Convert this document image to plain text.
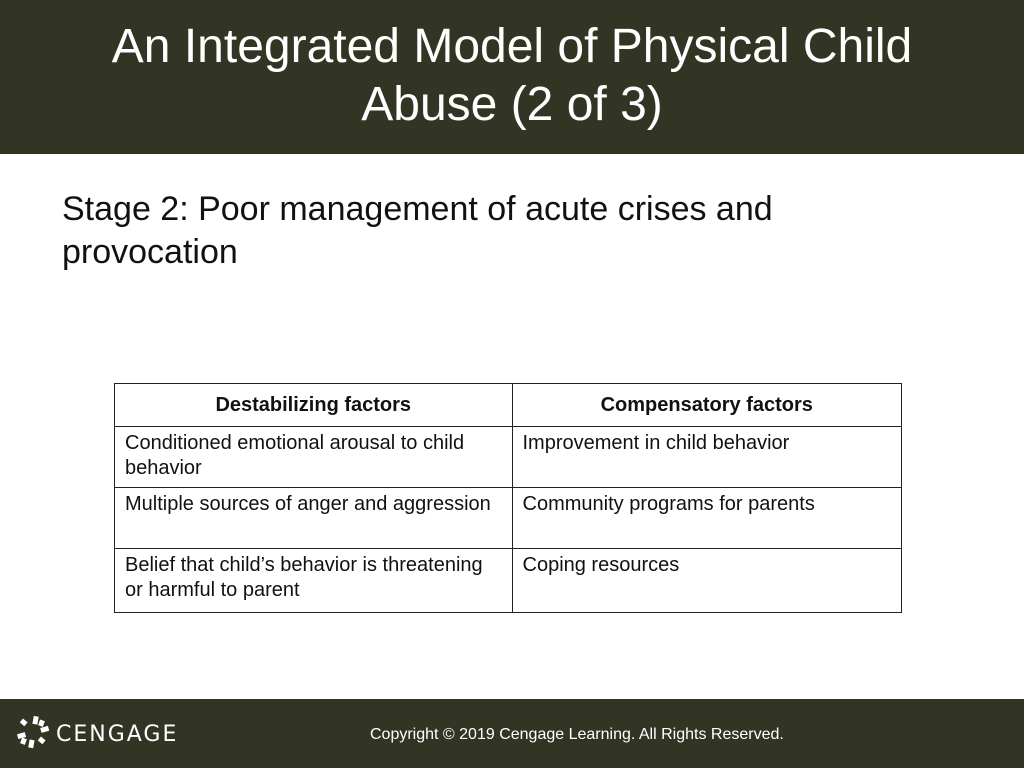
An Integrated Model of Physical Child Abuse (2 of 3)
Stage 2: Poor management of acute crises and provocation
Destabilizing factors	Compensatory factors
Conditioned emotional arousal to child behavior	Improvement in child behavior
Multiple sources of anger and aggression	Community programs for parents
Belief that child’s behavior is threatening or harmful to parent	Coping resources
CENGAGE	Copyright © 2019 Cengage Learning. All Rights Reserved.
